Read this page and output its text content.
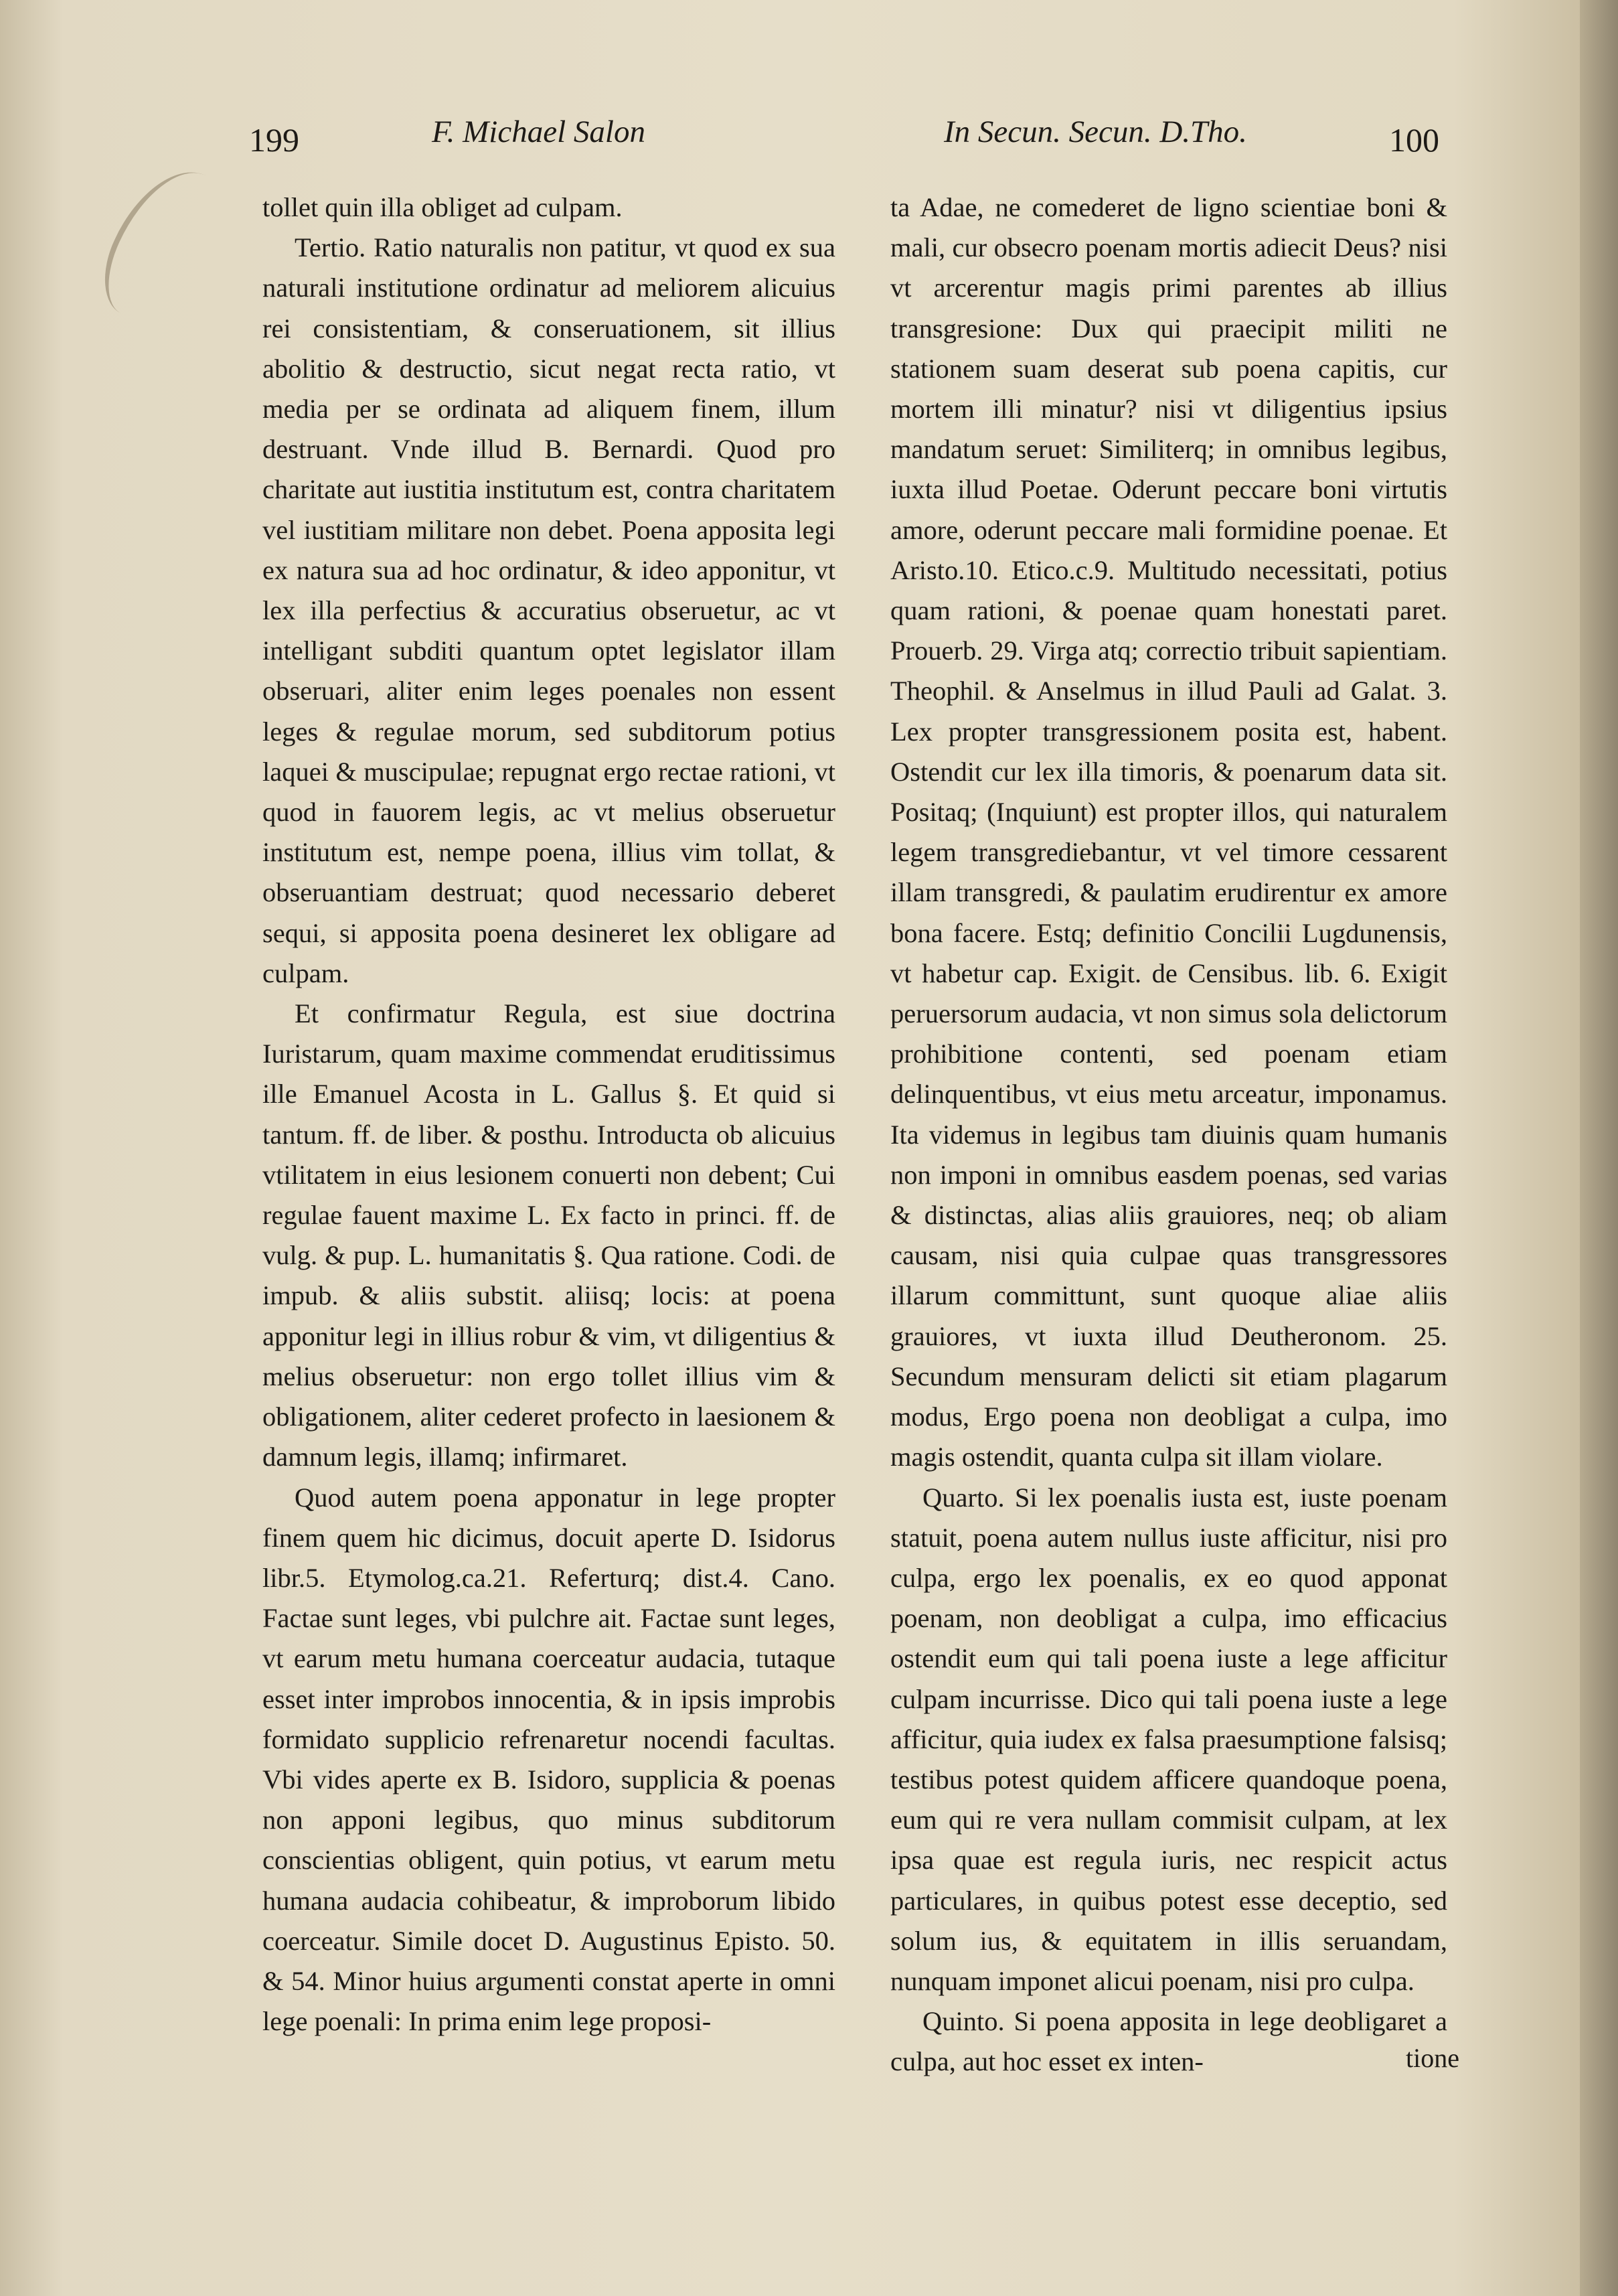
199	F. Michael Salon	In Secun. Secun. D.Tho.	100

tollet quin illa obliget ad culpam.

Tertio. Ratio naturalis non patitur, vt quod ex sua naturali institutione ordinatur ad meliorem alicuius rei consistentiam, & conseruationem, sit illius abolitio & destructio, sicut negat recta ratio, vt media per se ordinata ad aliquem finem, illum destruant. Vnde illud B. Bernardi. Quod pro charitate aut iustitia institutum est, contra charitatem vel iustitiam militare non debet. Poena apposita legi ex natura sua ad hoc ordinatur, & ideo apponitur, vt lex illa perfectius & accuratius obseruetur, ac vt intelligant subditi quantum optet legislator illam obseruari, aliter enim leges poenales non essent leges & regulae morum, sed subditorum potius laquei & muscipulae; repugnat ergo rectae rationi, vt quod in fauorem legis, ac vt melius obseruetur institutum est, nempe poena, illius vim tollat, & obseruantiam destruat; quod necessario deberet sequi, si apposita poena desineret lex obligare ad culpam.

Et confirmatur Regula, est siue doctrina Iuristarum, quam maxime commendat eruditissimus ille Emanuel Acosta in L. Gallus §. Et quid si tantum. ff. de liber. & posthu. Introducta ob alicuius vtilitatem in eius lesionem conuerti non debent; Cui regulae fauent maxime L. Ex facto in princi. ff. de vulg. & pup. L. humanitatis §. Qua ratione. Codi. de impub. & aliis substit. aliisq; locis: at poena apponitur legi in illius robur & vim, vt diligentius & melius obseruetur: non ergo tollet illius vim & obligationem, aliter cederet profecto in laesionem & damnum legis, illamq; infirmaret.

Quod autem poena apponatur in lege propter finem quem hic dicimus, docuit aperte D. Isidorus libr.5. Etymolog.ca.21. Referturq; dist.4. Cano. Factae sunt leges, vbi pulchre ait. Factae sunt leges, vt earum metu humana coerceatur audacia, tutaque esset inter improbos innocentia, & in ipsis improbis formidato supplicio refrenaretur nocendi facultas. Vbi vides aperte ex B. Isidoro, supplicia & poenas non apponi legibus, quo minus subditorum conscientias obligent, quin potius, vt earum metu humana audacia cohibeatur, & improborum libido coerceatur. Simile docet D. Augustinus Episto. 50. & 54. Minor huius argumenti constat aperte in omni lege poenali: In prima enim lege proposi-

ta Adae, ne comederet de ligno scientiae boni & mali, cur obsecro poenam mortis adiecit Deus? nisi vt arcerentur magis primi parentes ab illius transgresione: Dux qui praecipit militi ne stationem suam deserat sub poena capitis, cur mortem illi minatur? nisi vt diligentius ipsius mandatum seruet: Similiterq; in omnibus legibus, iuxta illud Poetae. Oderunt peccare boni virtutis amore, oderunt peccare mali formidine poenae. Et Aristo.10. Etico.c.9. Multitudo necessitati, potius quam rationi, & poenae quam honestati paret. Prouerb. 29. Virga atq; correctio tribuit sapientiam. Theophil. & Anselmus in illud Pauli ad Galat. 3. Lex propter transgressionem posita est, habent. Ostendit cur lex illa timoris, & poenarum data sit. Positaq; (Inquiunt) est propter illos, qui naturalem legem transgrediebantur, vt vel timore cessarent illam transgredi, & paulatim erudirentur ex amore bona facere. Estq; definitio Concilii Lugdunensis, vt habetur cap. Exigit. de Censibus. lib. 6. Exigit peruersorum audacia, vt non simus sola delictorum prohibitione contenti, sed poenam etiam delinquentibus, vt eius metu arceatur, imponamus. Ita videmus in legibus tam diuinis quam humanis non imponi in omnibus easdem poenas, sed varias & distinctas, alias aliis grauiores, neq; ob aliam causam, nisi quia culpae quas transgressores illarum committunt, sunt quoque aliae aliis grauiores, vt iuxta illud Deutheronom. 25. Secundum mensuram delicti sit etiam plagarum modus, Ergo poena non deobligat a culpa, imo magis ostendit, quanta culpa sit illam violare.

Quarto. Si lex poenalis iusta est, iuste poenam statuit, poena autem nullus iuste afficitur, nisi pro culpa, ergo lex poenalis, ex eo quod apponat poenam, non deobligat a culpa, imo efficacius ostendit eum qui tali poena iuste a lege afficitur culpam incurrisse. Dico qui tali poena iuste a lege afficitur, quia iudex ex falsa praesumptione falsisq; testibus potest quidem afficere quandoque poena, eum qui re vera nullam commisit culpam, at lex ipsa quae est regula iuris, nec respicit actus particulares, in quibus potest esse deceptio, sed solum ius, & equitatem in illis seruandam, nunquam imponet alicui poenam, nisi pro culpa.

Quinto. Si poena apposita in lege deobligaret a culpa, aut hoc esset ex inten-	tione
